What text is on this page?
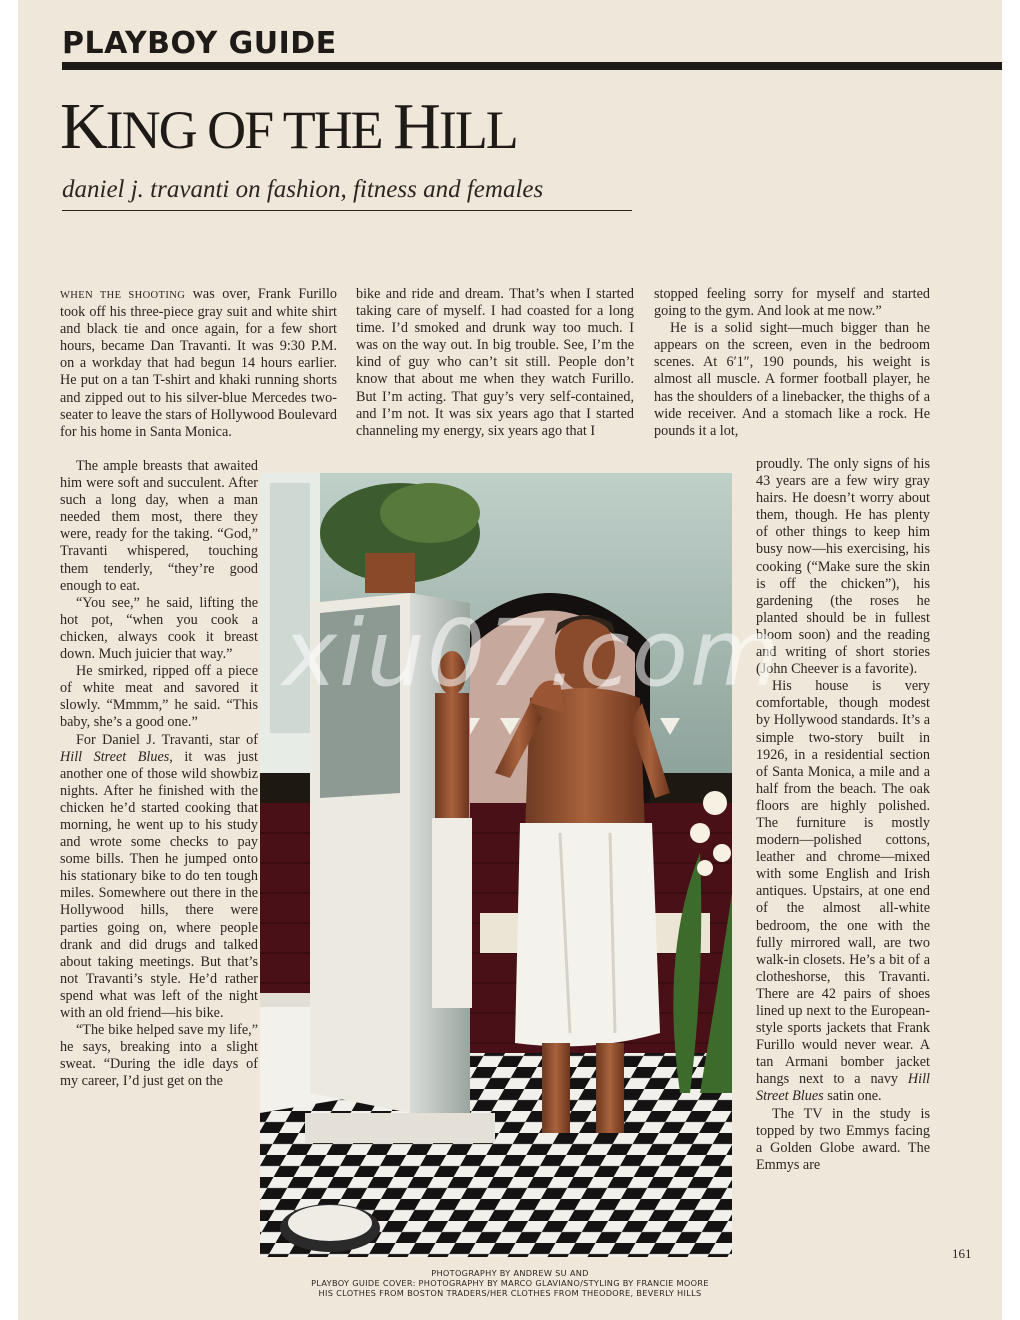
PLAYBOY GUIDE
KING OF THE HILL
daniel j. travanti on fashion, fitness and females

WHEN THE SHOOTING was over, Frank Furillo took off his three-piece gray suit and white shirt and black tie and once again, for a few short hours, became Dan Travanti. It was 9:30 P.M. on a workday that had begun 14 hours earlier. He put on a tan T-shirt and khaki running shorts and zipped out to his silver-blue Mercedes two-seater to leave the stars of Hollywood Boulevard for his home in Santa Monica.

The ample breasts that awaited him were soft and succulent. After such a long day, when a man needed them most, there they were, ready for the taking. “God,” Travanti whispered, touching them tenderly, “they’re good enough to eat.

“You see,” he said, lifting the hot pot, “when you cook a chicken, always cook it breast down. Much juicier that way.”

He smirked, ripped off a piece of white meat and savored it slowly. “Mmmm,” he said. “This baby, she’s a good one.”

For Daniel J. Travanti, star of Hill Street Blues, it was just another one of those wild showbiz nights. After he finished with the chicken he’d started cooking that morning, he went up to his study and wrote some checks to pay some bills. Then he jumped onto his stationary bike to do ten tough miles. Somewhere out there in the Hollywood hills, there were parties going on, where people drank and did drugs and talked about taking meetings. But that’s not Travanti’s style. He’d rather spend what was left of the night with an old friend—his bike.

“The bike helped save my life,” he says, breaking into a slight sweat. “During the idle days of my career, I’d just get on the

bike and ride and dream. That’s when I started taking care of myself. I had coasted for a long time. I’d smoked and drunk way too much. I was on the way out. In big trouble. See, I’m the kind of guy who can’t sit still. People don’t know that about me when they watch Furillo. But I’m acting. That guy’s very self-contained, and I’m not. It was six years ago that I started channeling my energy, six years ago that I

stopped feeling sorry for myself and started going to the gym. And look at me now.”

He is a solid sight—much bigger than he appears on the screen, even in the bedroom scenes. At 6′1″, 190 pounds, his weight is almost all muscle. A former football player, he has the shoulders of a linebacker, the thighs of a wide receiver. And a stomach like a rock. He pounds it a lot,

proudly. The only signs of his 43 years are a few wiry gray hairs. He doesn’t worry about them, though. He has plenty of other things to keep him busy now—his exercising, his cooking (“Make sure the skin is off the chicken”), his gardening (the roses he planted should be in fullest bloom soon) and the reading and writing of short stories (John Cheever is a favorite).

His house is very comfortable, though modest by Hollywood standards. It’s a simple two-story built in 1926, in a residential section of Santa Monica, a mile and a half from the beach. The oak floors are highly polished. The furniture is mostly modern—polished cottons, leather and chrome—mixed with some English and Irish antiques. Upstairs, at one end of the almost all-white bedroom, the one with the fully mirrored wall, are two walk-in closets. He’s a bit of a clotheshorse, this Travanti. There are 42 pairs of shoes lined up next to the European-style sports jackets that Frank Furillo would never wear. A tan Armani bomber jacket hangs next to a navy Hill Street Blues satin one.

The TV in the study is topped by two Emmys facing a Golden Globe award. The Emmys are

xiu07.com
161
PHOTOGRAPHY BY ANDREW SU AND
PLAYBOY GUIDE COVER: PHOTOGRAPHY BY MARCO GLAVIANO/STYLING BY FRANCIE MOORE
HIS CLOTHES FROM BOSTON TRADERS/HER CLOTHES FROM THEODORE, BEVERLY HILLS
